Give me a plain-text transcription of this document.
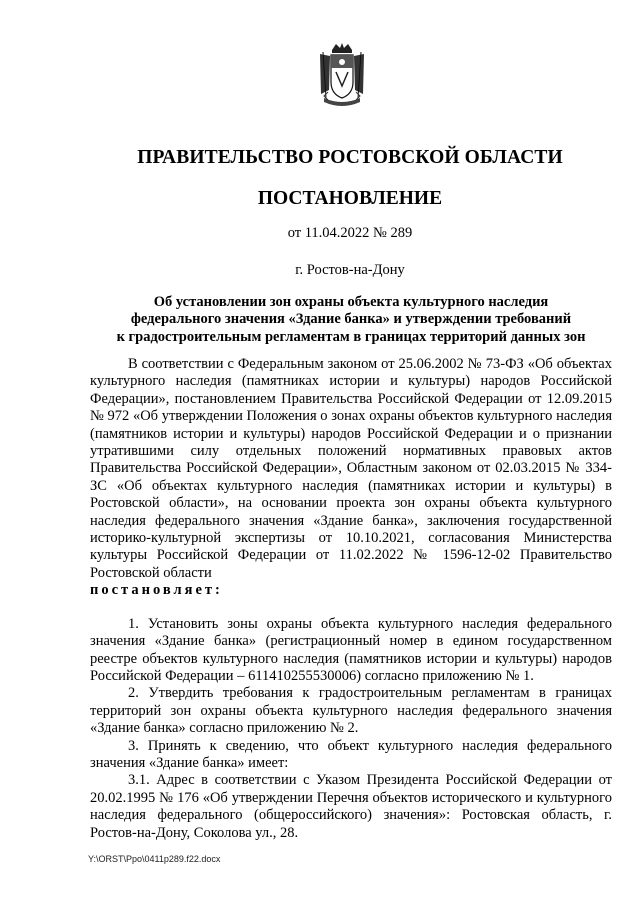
ПРАВИТЕЛЬСТВО РОСТОВСКОЙ ОБЛАСТИ
ПОСТАНОВЛЕНИЕ
от 11.04.2022 № 289
г. Ростов-на-Дону
Об установлении зон охраны объекта культурного наследия
федерального значения «Здание банка» и утверждении требований
к градостроительным регламентам в границах территорий данных зон

В соответствии с Федеральным законом от 25.06.2002 № 73-ФЗ «Об объектах культурного наследия (памятниках истории и культуры) народов Российской Федерации», постановлением Правительства Российской Федерации от 12.09.2015 № 972 «Об утверждении Положения о зонах охраны объектов культурного наследия (памятников истории и культуры) народов Российской Федерации и о признании утратившими силу отдельных положений нормативных правовых актов Правительства Российской Федерации», Областным законом от 02.03.2015 № 334-ЗС «Об объектах культурного наследия (памятниках истории и культуры) в Ростовской области», на основании проекта зон охраны объекта культурного наследия федерального значения «Здание банка», заключения государственной историко-культурной экспертизы от 10.10.2021, согласования Министерства культуры Российской Федерации от 11.02.2022 № 1596-12-02 Правительство Ростовской области

постановляет:

1. Установить зоны охраны объекта культурного наследия федерального значения «Здание банка» (регистрационный номер в едином государственном реестре объектов культурного наследия (памятников истории и культуры) народов Российской Федерации – 611410255530006) согласно приложению № 1.

2. Утвердить требования к градостроительным регламентам в границах территорий зон охраны объекта культурного наследия федерального значения «Здание банка» согласно приложению № 2.

3. Принять к сведению, что объект культурного наследия федерального значения «Здание банка» имеет:

3.1. Адрес в соответствии с Указом Президента Российской Федерации от 20.02.1995 № 176 «Об утверждении Перечня объектов исторического и культурного наследия федерального (общероссийского) значения»: Ростовская область, г. Ростов-на-Дону, Соколова ул., 28.

Y:\ORST\Ppo\0411p289.f22.docx
